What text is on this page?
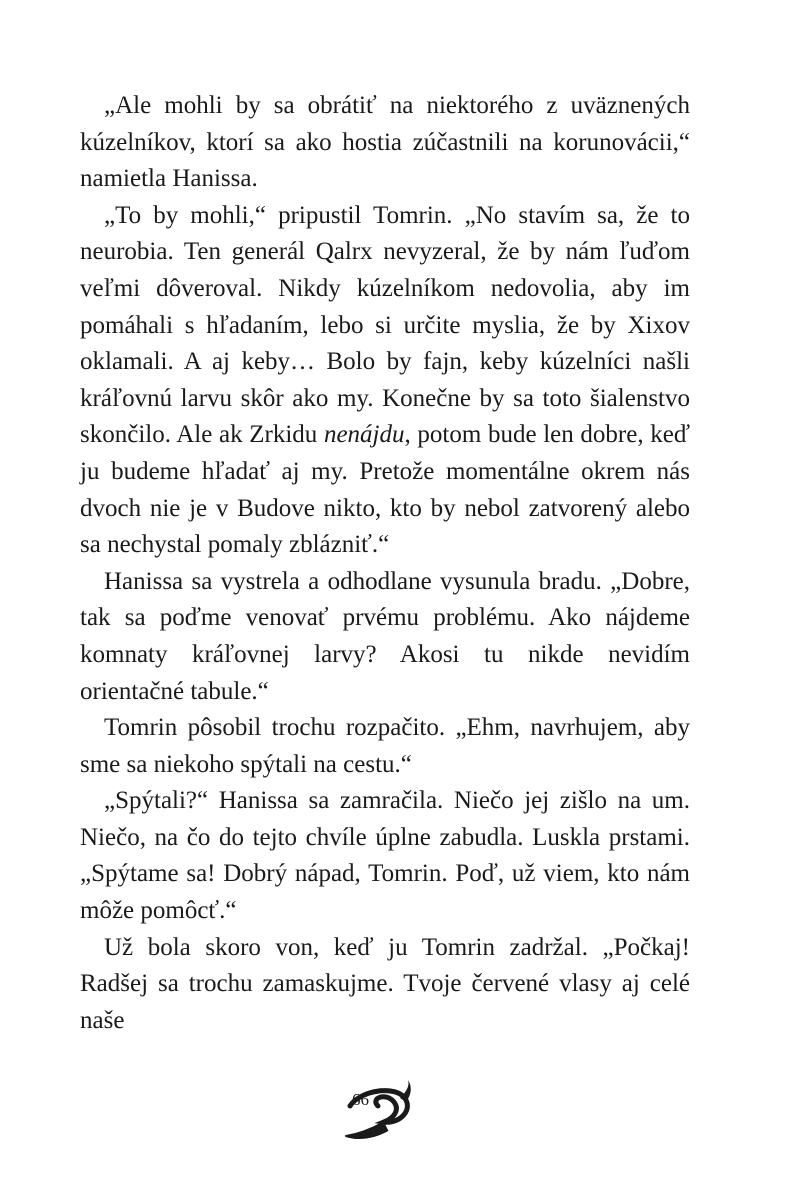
„Ale mohli by sa obrátiť na niektorého z uväznených kúzelníkov, ktorí sa ako hostia zúčastnili na korunovácii,“ namietla Hanissa.

„To by mohli,“ pripustil Tomrin. „No stavím sa, že to neurobia. Ten generál Qalrx nevyzeral, že by nám ľuďom veľmi dôveroval. Nikdy kúzelníkom nedovolia, aby im pomáhali s hľadaním, lebo si určite myslia, že by Xixov oklamali. A aj keby… Bolo by fajn, keby kúzelníci našli kráľovnú larvu skôr ako my. Konečne by sa toto šialenstvo skončilo. Ale ak Zrkidu nenájdu, potom bude len dobre, keď ju budeme hľadať aj my. Pretože momentálne okrem nás dvoch nie je v Budove nikto, kto by nebol zatvorený alebo sa nechystal pomaly zblázniť.“

Hanissa sa vystrela a odhodlane vysunula bradu. „Dobre, tak sa poďme venovať prvému problému. Ako nájdeme komnaty kráľovnej larvy? Akosi tu nikde nevidím orientačné tabule.“

Tomrin pôsobil trochu rozpačito. „Ehm, navrhujem, aby sme sa niekoho spýtali na cestu.“

„Spýtali?“ Hanissa sa zamračila. Niečo jej zišlo na um. Niečo, na čo do tejto chvíle úplne zabudla. Luskla prstami. „Spýtame sa! Dobrý nápad, Tomrin. Poď, už viem, kto nám môže pomôcť.“

Už bola skoro von, keď ju Tomrin zadržal. „Počkaj! Radšej sa trochu zamaskujme. Tvoje červené vlasy aj celé naše

66
